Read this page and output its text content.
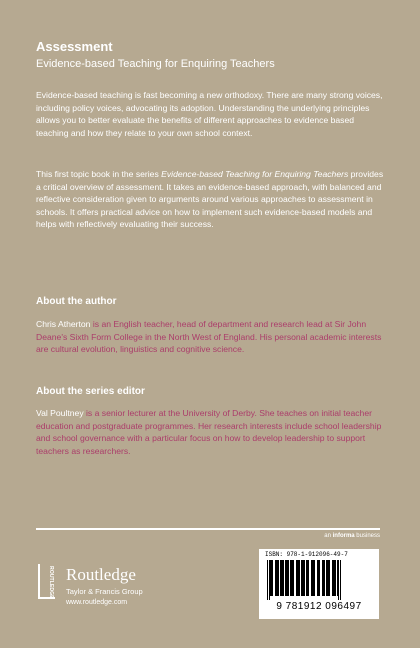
Assessment
Evidence-based Teaching for Enquiring Teachers

Evidence-based teaching is fast becoming a new orthodoxy. There are many strong voices, including policy voices, advocating its adoption. Understanding the underlying principles allows you to better evaluate the benefits of different approaches to evidence based teaching and how they relate to your own school context.

This first topic book in the series Evidence-based Teaching for Enquiring Teachers provides a critical overview of assessment. It takes an evidence-based approach, with balanced and reflective consideration given to arguments around various approaches to assessment in schools. It offers practical advice on how to implement such evidence-based models and helps with reflectively evaluating their success.

About the author

Chris Atherton is an English teacher, head of department and research lead at Sir John Deane's Sixth Form College in the North West of England. His personal academic interests are cultural evolution, linguistics and cognitive science.

About the series editor

Val Poultney is a senior lecturer at the University of Derby. She teaches on initial teacher education and postgraduate programmes. Her research interests include school leadership and school governance with a particular focus on how to develop leadership to support teachers as researchers.

an informa business
ROUTLEDGE Routledge
Taylor & Francis Group
www.routledge.com
ISBN: 978-1-912096-49-7
9 781912 096497
